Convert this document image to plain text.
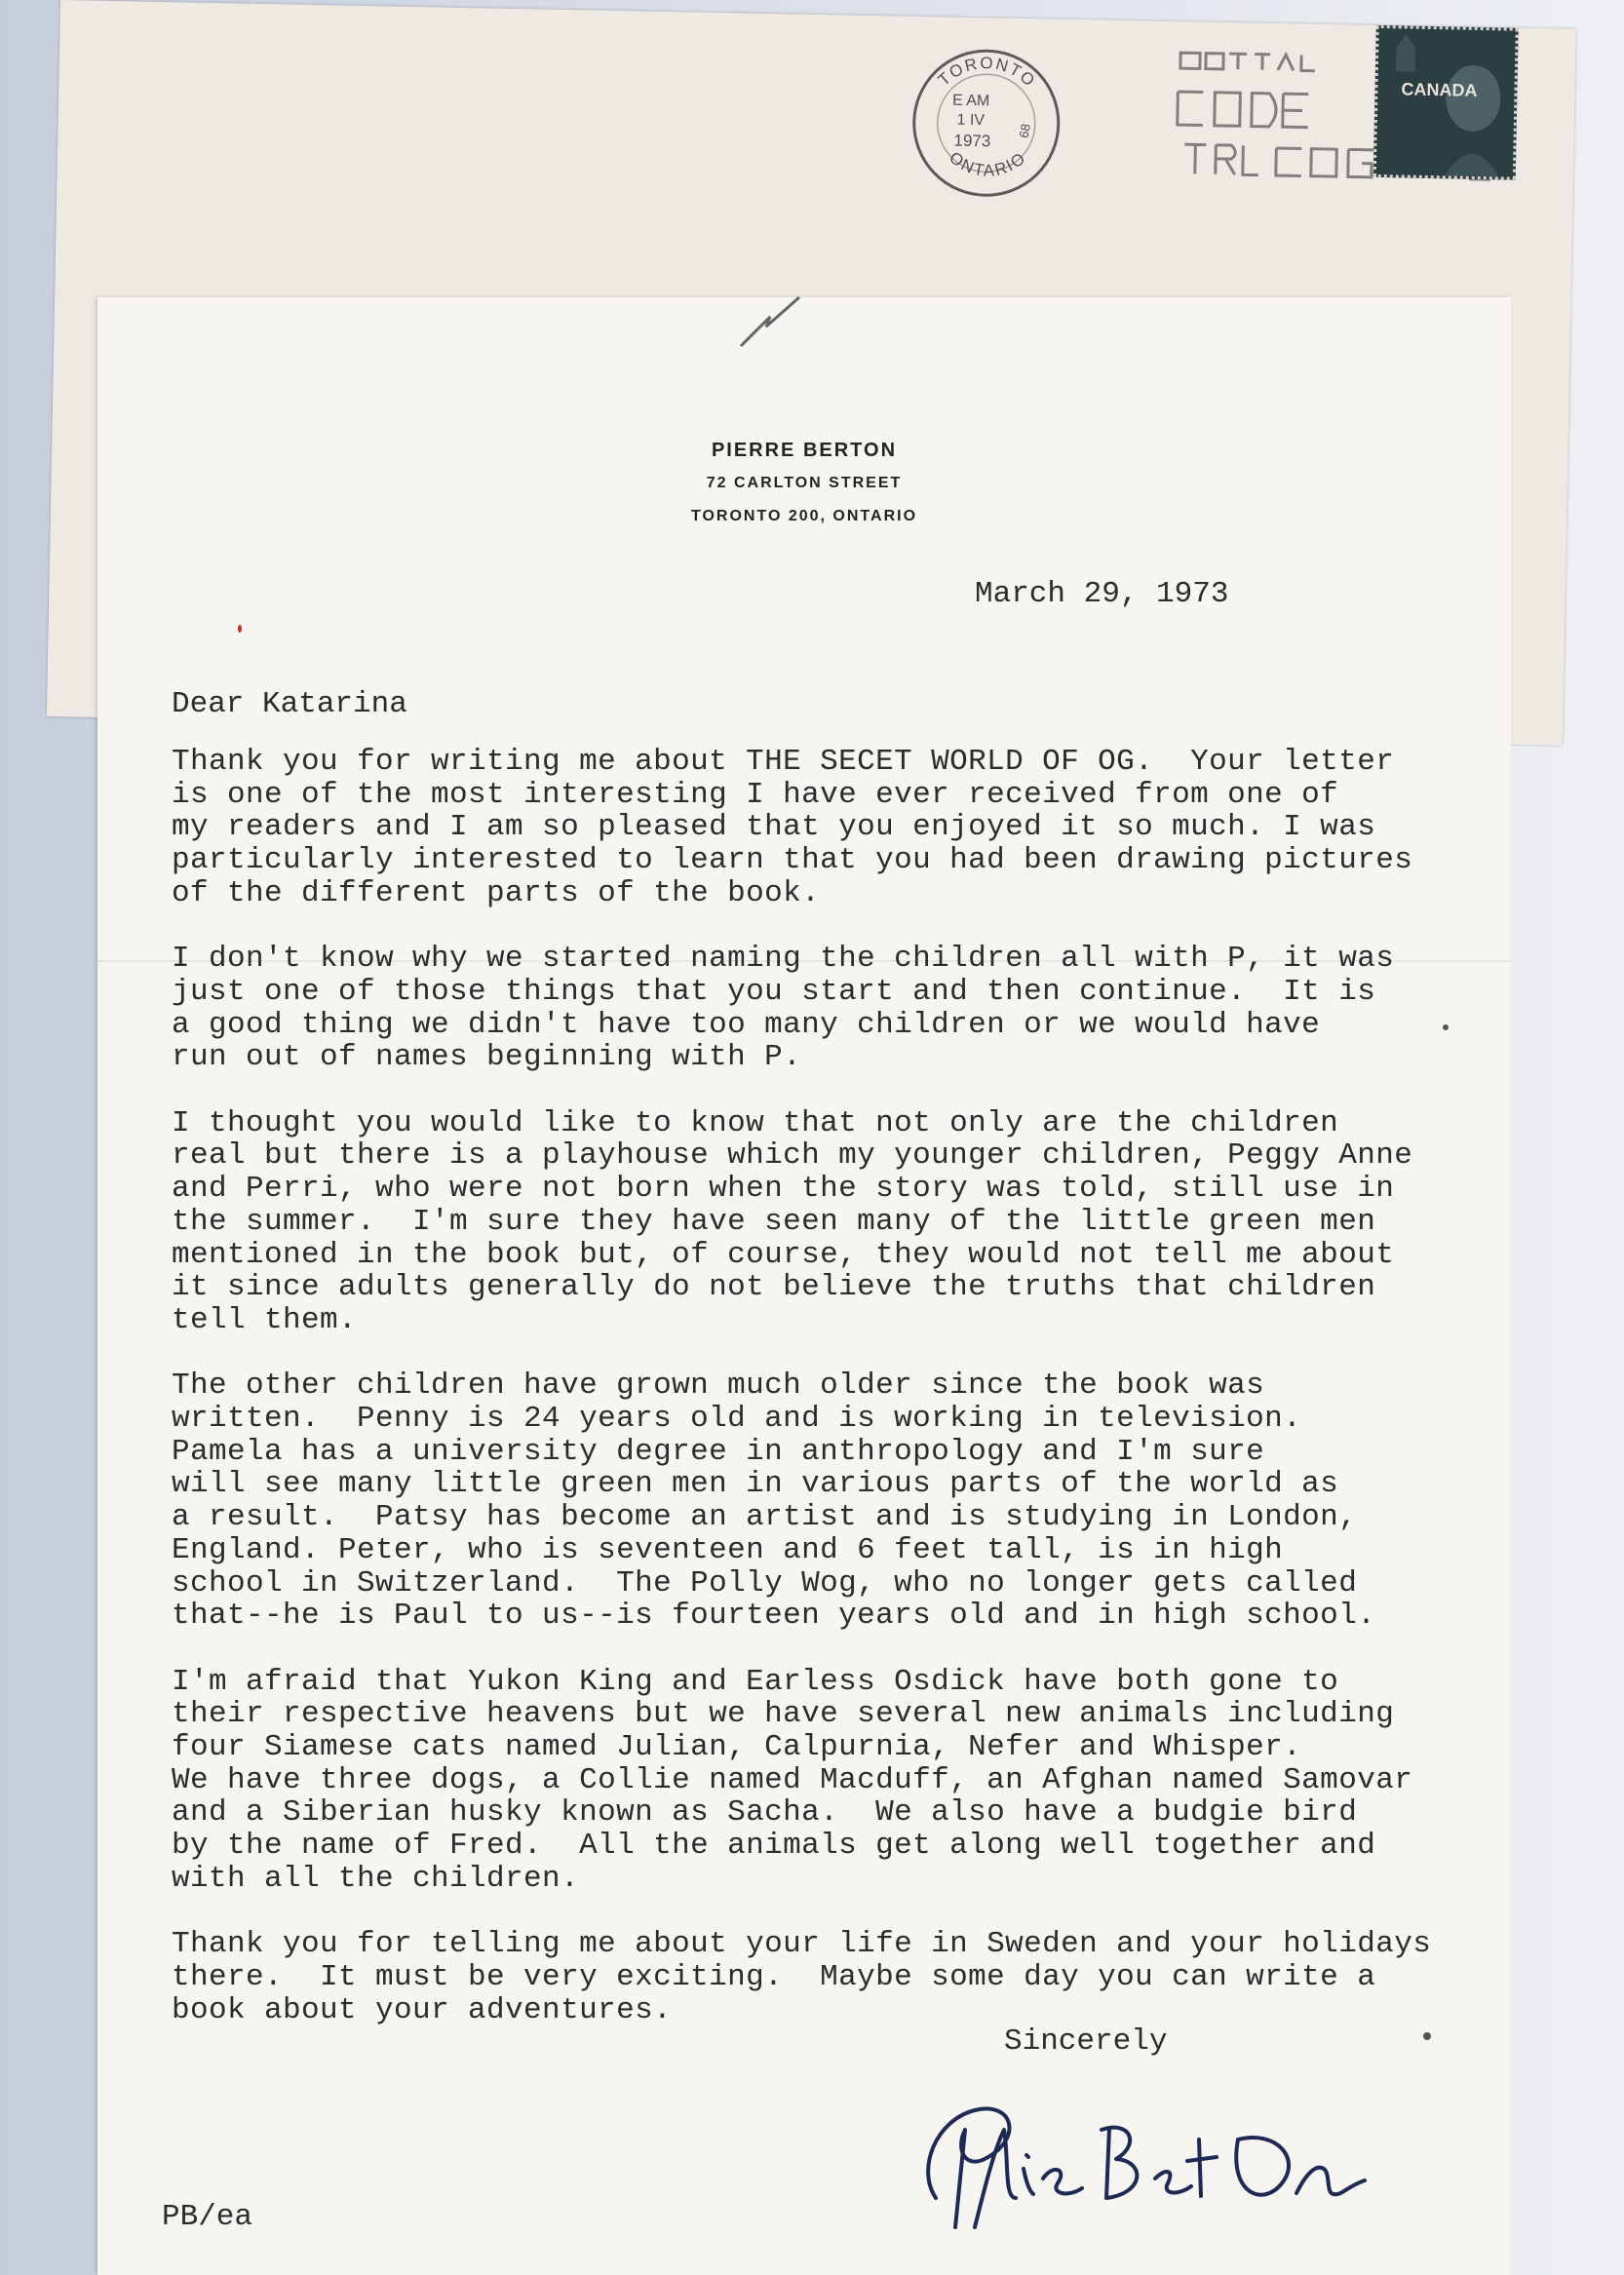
TORONTO
ONTARIO
E AM
1 IV
1973
68
CANADA
PIERRE BERTON
72 CARLTON STREET
TORONTO 200, ONTARIO
March 29, 1973
Dear Katarina

Thank you for writing me about THE SECET WORLD OF OG.  Your letter
is one of the most interesting I have ever received from one of
my readers and I am so pleased that you enjoyed it so much. I was
particularly interested to learn that you had been drawing pictures
of the different parts of the book.

I don't know why we started naming the children all with P, it was
just one of those things that you start and then continue.  It is
a good thing we didn't have too many children or we would have
run out of names beginning with P.

I thought you would like to know that not only are the children
real but there is a playhouse which my younger children, Peggy Anne
and Perri, who were not born when the story was told, still use in
the summer.  I'm sure they have seen many of the little green men
mentioned in the book but, of course, they would not tell me about
it since adults generally do not believe the truths that children
tell them.

The other children have grown much older since the book was
written.  Penny is 24 years old and is working in television.
Pamela has a university degree in anthropology and I'm sure
will see many little green men in various parts of the world as
a result.  Patsy has become an artist and is studying in London,
England. Peter, who is seventeen and 6 feet tall, is in high
school in Switzerland.  The Polly Wog, who no longer gets called
that--he is Paul to us--is fourteen years old and in high school.

I'm afraid that Yukon King and Earless Osdick have both gone to
their respective heavens but we have several new animals including
four Siamese cats named Julian, Calpurnia, Nefer and Whisper.
We have three dogs, a Collie named Macduff, an Afghan named Samovar
and a Siberian husky known as Sacha.  We also have a budgie bird
by the name of Fred.  All the animals get along well together and
with all the children.

Thank you for telling me about your life in Sweden and your holidays
there.  It must be very exciting.  Maybe some day you can write a
book about your adventures.

Sincerely
PB/ea
